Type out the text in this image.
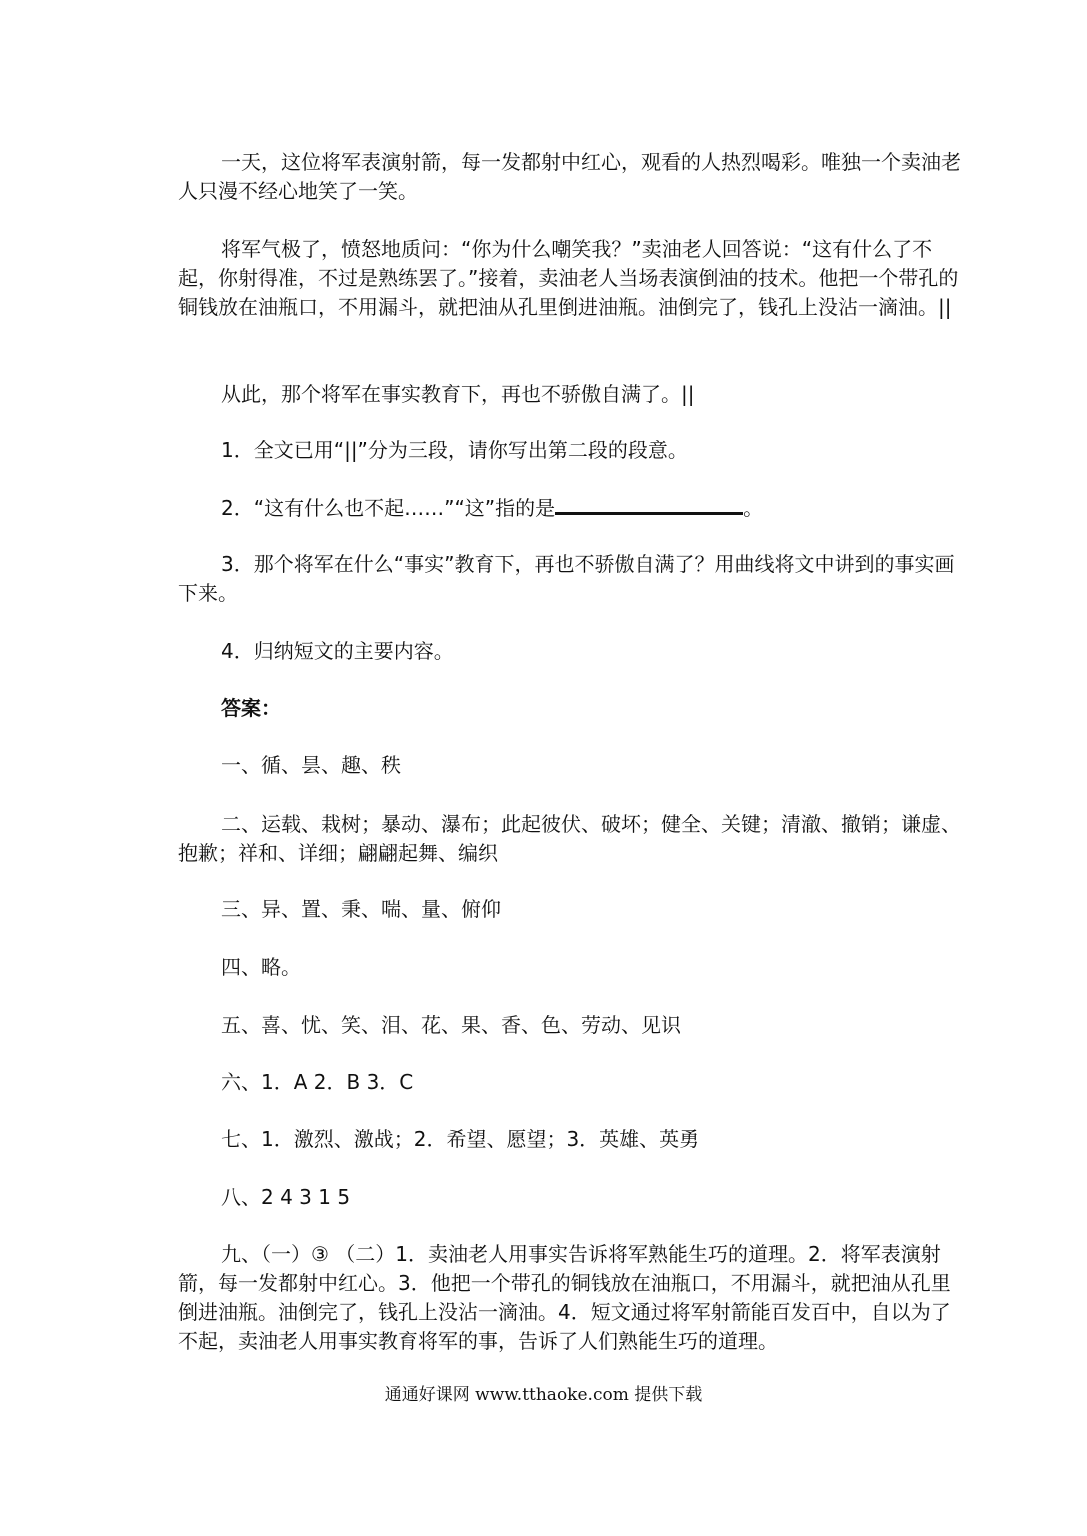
一天，这位将军表演射箭，每一发都射中红心，观看的人热烈喝彩。唯独一个卖油老人只漫不经心地笑了一笑。

将军气极了，愤怒地质问：“你为什么嘲笑我？”卖油老人回答说：“这有什么了不起，你射得准，不过是熟练罢了。”接着，卖油老人当场表演倒油的技术。他把一个带孔的铜钱放在油瓶口，不用漏斗，就把油从孔里倒进油瓶。油倒完了，钱孔上没沾一滴油。||

从此，那个将军在事实教育下，再也不骄傲自满了。||

1．全文已用“||”分为三段，请你写出第二段的段意。

2．“这有什么也不起……”“这”指的是	。

3．那个将军在什么“事实”教育下，再也不骄傲自满了？用曲线将文中讲到的事实画下来。

4．归纳短文的主要内容。

答案：

一、循、昙、趣、秩

二、运载、栽树；暴动、瀑布；此起彼伏、破坏；健全、关键；清澈、撤销；谦虚、抱歉；祥和、详细；翩翩起舞、编织

三、异、置、秉、喘、量、俯仰

四、略。

五、喜、忧、笑、泪、花、果、香、色、劳动、见识

六、1．A 2．B 3．C

七、1．激烈、激战；2．希望、愿望；3．英雄、英勇

八、2 4 3 1 5

九、（一）③ （二）1．卖油老人用事实告诉将军熟能生巧的道理。2．将军表演射箭，每一发都射中红心。3．他把一个带孔的铜钱放在油瓶口，不用漏斗，就把油从孔里倒进油瓶。油倒完了，钱孔上没沾一滴油。4．短文通过将军射箭能百发百中，自以为了不起，卖油老人用事实教育将军的事，告诉了人们熟能生巧的道理。

通通好课网 www.tthaoke.com 提供下载
